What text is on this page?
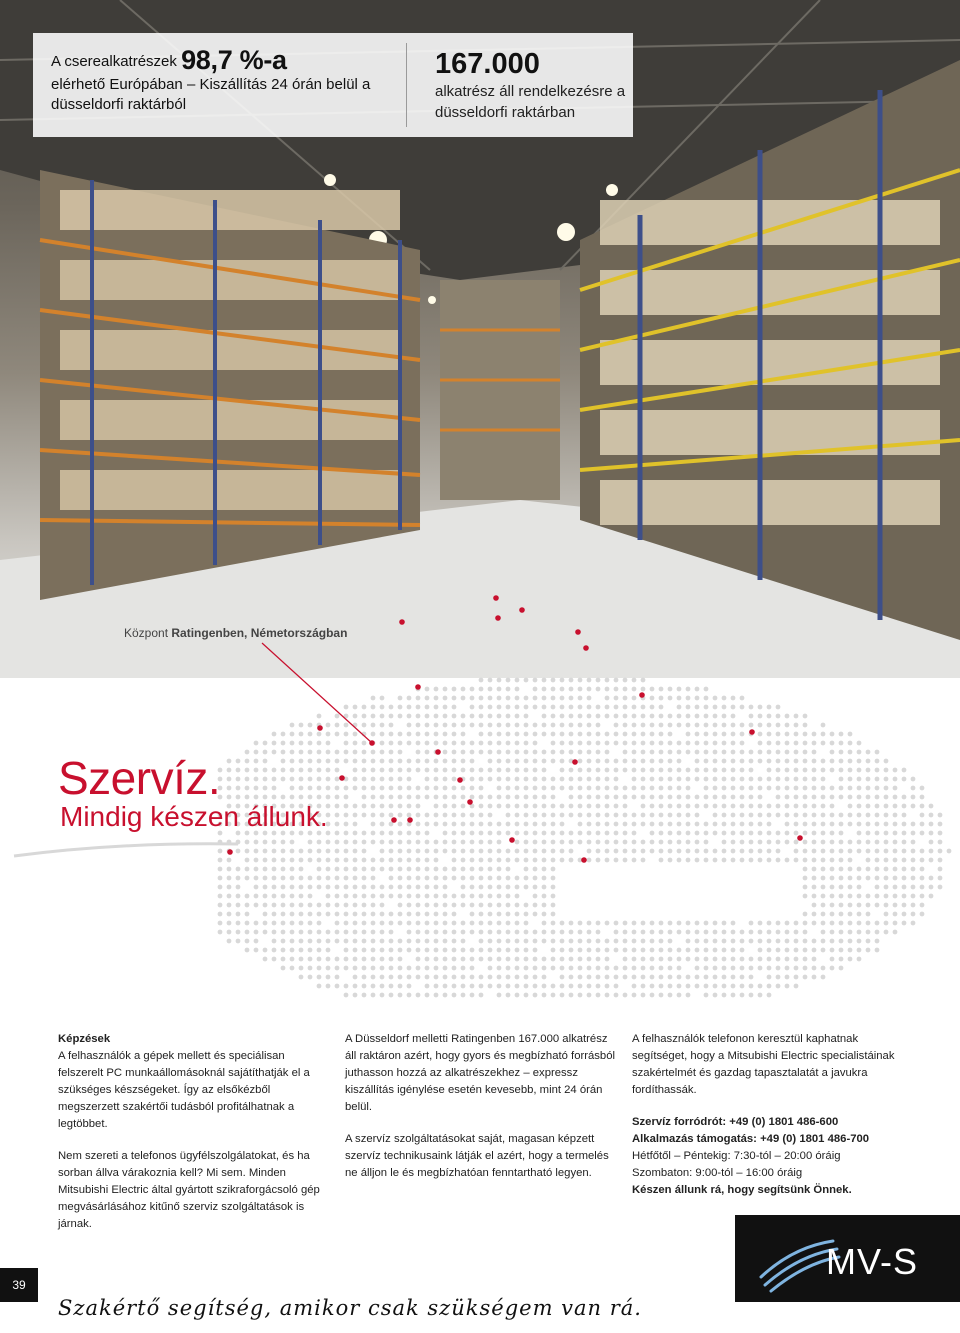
A cserealkatrészek 98,7 %-a
elérhető Európában – Kiszállítás 24 órán belül a düsseldorfi raktárból
167.000
alkatrész áll rendelkezésre a düsseldorfi raktárban
Központ Ratingenben, Németországban
Szervíz.
Mindig készen állunk.
Képzések

A felhasználók a gépek mellett és speciálisan felszerelt PC munkaállomásoknál sajátíthatják el a szükséges készségeket. Így az elsőkézből megszerzett szakértői tudásból profitálhatnak a legtöbbet.

Nem szereti a telefonos ügyfélszolgálatokat, és ha sorban állva várakoznia kell? Mi sem. Minden Mitsubishi Electric által gyártott szikraforgácsoló gép megvásárlásához kitűnő szerviz szolgáltatások is járnak.

A Düsseldorf melletti Ratingenben 167.000 alkatrész áll raktáron azért, hogy gyors és megbízható forrásból juthasson hozzá az alkatrészekhez – expressz kiszállítás igénylése esetén kevesebb, mint 24 órán belül.

A szervíz szolgáltatásokat saját, magasan képzett szervíz technikusaink látják el azért, hogy a termelés ne álljon le és megbízhatóan fenntartható legyen.

A felhasználók telefonon keresztül kaphatnak segítséget, hogy a Mitsubishi Electric specialistáinak szakértelmét és gazdag tapasztalatát a javukra fordíthassák.

Szervíz forródrót: +49 (0) 1801 486-600
Alkalmazás támogatás: +49 (0) 1801 486-700
Hétfőtől – Péntekig: 7:30-tól – 20:00 óráig
Szombaton: 9:00-tól – 16:00 óráig
Készen állunk rá, hogy segítsünk Önnek.
39
MV-S
Szakértő segítség, amikor csak szükségem van rá.
